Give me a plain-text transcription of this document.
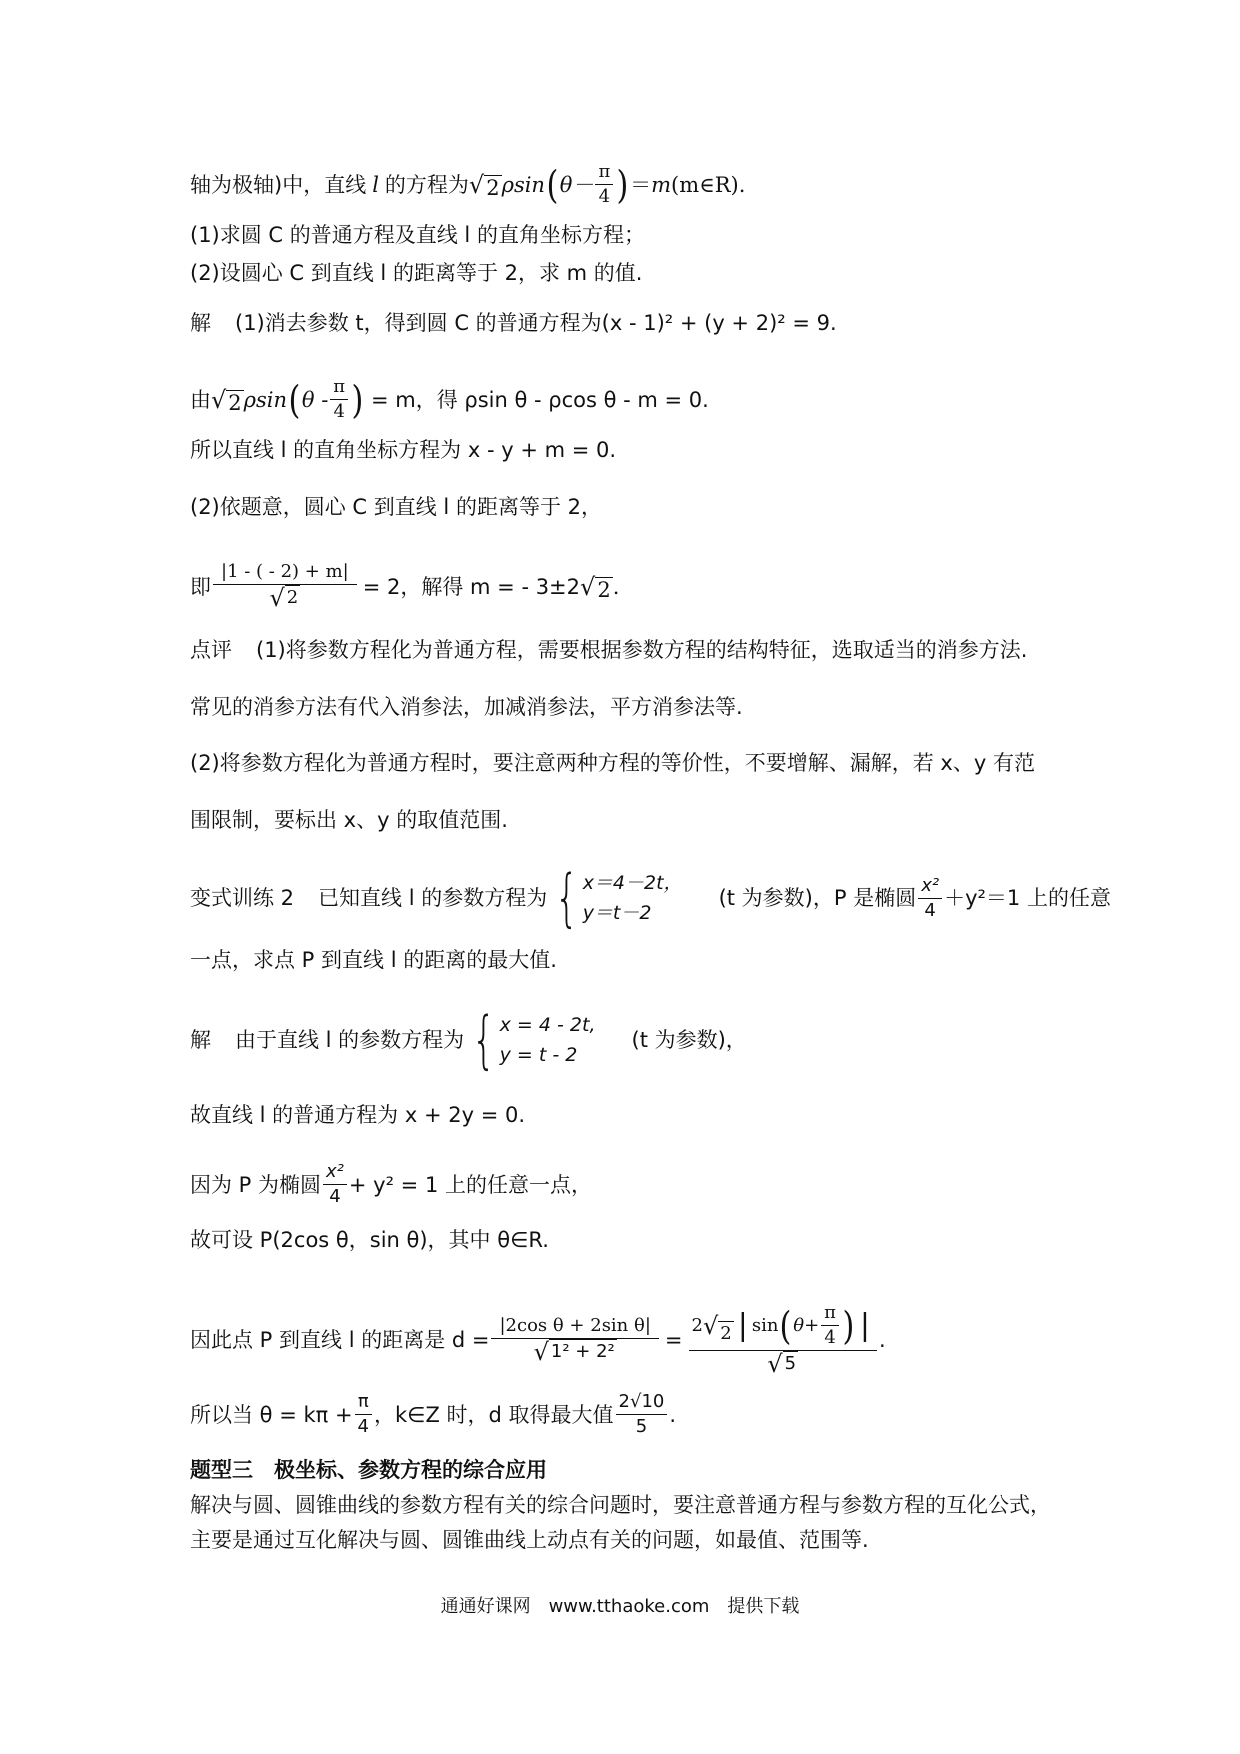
轴为极轴)中，直线 l 的方程为 √ 2 ρsin ( $\theta- \frac{\pi}{4}$ ) ＝ m (m∈R).
(1)求圆 C 的普通方程及直线 l 的直角坐标方程；
(2)设圆心 C 到直线 l 的距离等于 2，求 m 的值.
解 (1)消去参数 t，得到圆 C 的普通方程为(x - 1)² + (y + 2)² = 9.
由 √ 2 ρsin ( θ - $\frac{\pi}{4}$ ) = m，得 ρsin θ - ρcos θ - m = 0.
所以直线 l 的直角坐标方程为 x - y + m = 0.
(2)依题意，圆心 C 到直线 l 的距离等于 2，
即 $\frac{|1 - ( - 2) + m|}{√ 2} = 2$，解得 m = - 3±2 √ 2 .
点评 (1)将参数方程化为普通方程，需要根据参数方程的结构特征，选取适当的消参方法.
常见的消参方法有代入消参法，加减消参法，平方消参法等.
(2)将参数方程化为普通方程时，要注意两种方程的等价性，不要增解、漏解，若 x、y 有范
围限制，要标出 x、y 的取值范围.
变式训练 2 已知直线 l 的参数方程为 { x＝4－2t，
y＝t－2
(t 为参数)，P 是椭圆 $\frac{\text{x²}}{4} +y^2=1$ 上的任意
一点，求点 P 到直线 l 的距离的最大值.
解 由于直线 l 的参数方程为 { x = 4 - 2t,
y = t - 2
(t 为参数)，
故直线 l 的普通方程为 x + 2y = 0.
因为 P 为椭圆 $\frac{\text{x²}}{4} + y^2 = 1$ 上的任意一点，
故可设 P(2cos θ，sin θ)，其中 θ∈R.
因此点 P 到直线 l 的距离是 $d = \frac{\text{|2cos θ + 2sin θ|}}{\text{√ 1² + 2²}}$ =
2 √ 2 | sin ( $\theta+ \frac{\pi}{4}$ ) |
√ 5
.
所以当 $\theta = k\pi + \frac{\pi}{4}$ ，k∈Z 时，d 取得最大值 $\frac{2√10}{5}$ .
题型三　极坐标、参数方程的综合应用
解决与圆、圆锥曲线的参数方程有关的综合问题时，要注意普通方程与参数方程的互化公式，
主要是通过互化解决与圆、圆锥曲线上动点有关的问题，如最值、范围等.
通通好课网　www.tthaoke.com　提供下载
